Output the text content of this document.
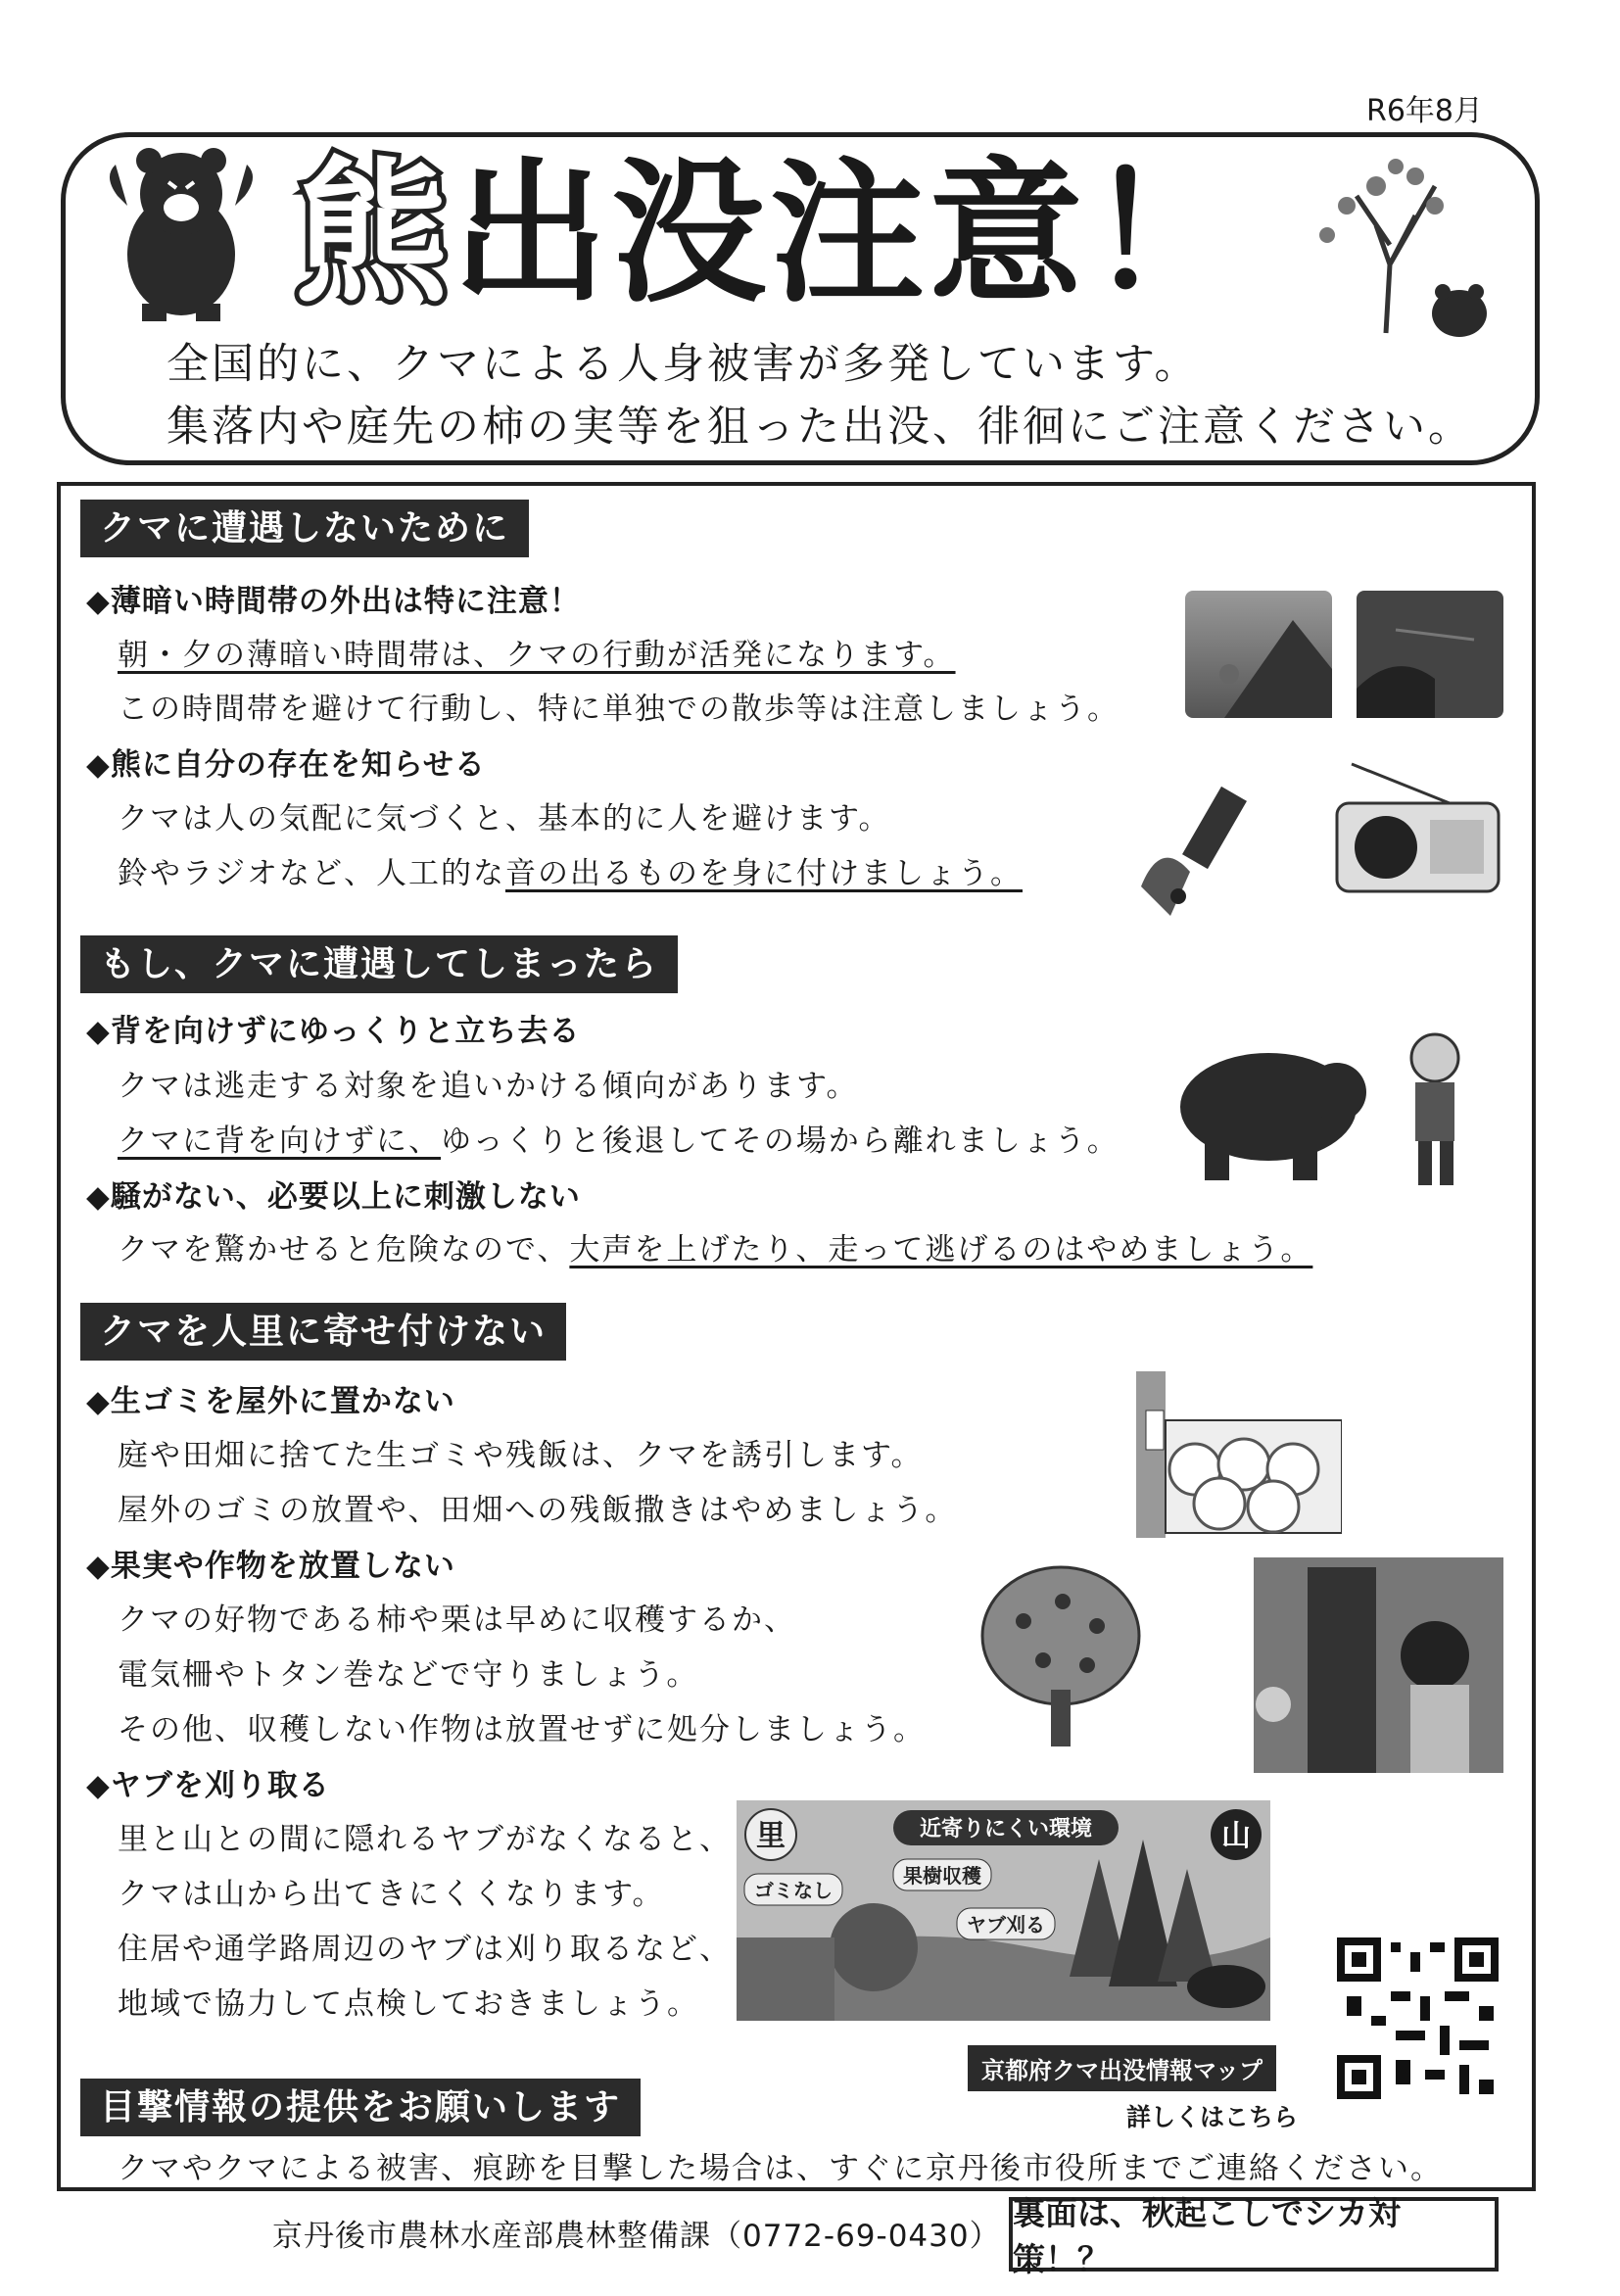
R6年8月
熊出没注意！
全国的に、クマによる人身被害が多発しています。
集落内や庭先の柿の実等を狙った出没、徘徊にご注意ください。
クマに遭遇しないために
◆薄暗い時間帯の外出は特に注意！
朝・夕の薄暗い時間帯は、クマの行動が活発になります。
この時間帯を避けて行動し、特に単独での散歩等は注意しましょう。
◆熊に自分の存在を知らせる
クマは人の気配に気づくと、基本的に人を避けます。
鈴やラジオなど、人工的な音の出るものを身に付けましょう。
もし、クマに遭遇してしまったら
◆背を向けずにゆっくりと立ち去る
クマは逃走する対象を追いかける傾向があります。
クマに背を向けずに、ゆっくりと後退してその場から離れましょう。
◆騒がない、必要以上に刺激しない
クマを驚かせると危険なので、大声を上げたり、走って逃げるのはやめましょう。
クマを人里に寄せ付けない
◆生ゴミを屋外に置かない
庭や田畑に捨てた生ゴミや残飯は、クマを誘引します。
屋外のゴミの放置や、田畑への残飯撒きはやめましょう。
◆果実や作物を放置しない
クマの好物である柿や栗は早めに収穫するか、
電気柵やトタン巻などで守りましょう。
その他、収穫しない作物は放置せずに処分しましょう。
◆ヤブを刈り取る
里と山との間に隠れるヤブがなくなると、
クマは山から出てきにくくなります。
住居や通学路周辺のヤブは刈り取るなど、
地域で協力して点検しておきましょう。
里	山
近寄りにくい環境
ゴミなし
果樹収穫
ヤブ刈る
京都府クマ出没情報マップ
詳しくはこちら
目撃情報の提供をお願いします
クマやクマによる被害、痕跡を目撃した場合は、すぐに京丹後市役所までご連絡ください。
京丹後市農林水産部農林整備課（0772-69-0430）
裏面は、秋起こしでシカ対策！？
